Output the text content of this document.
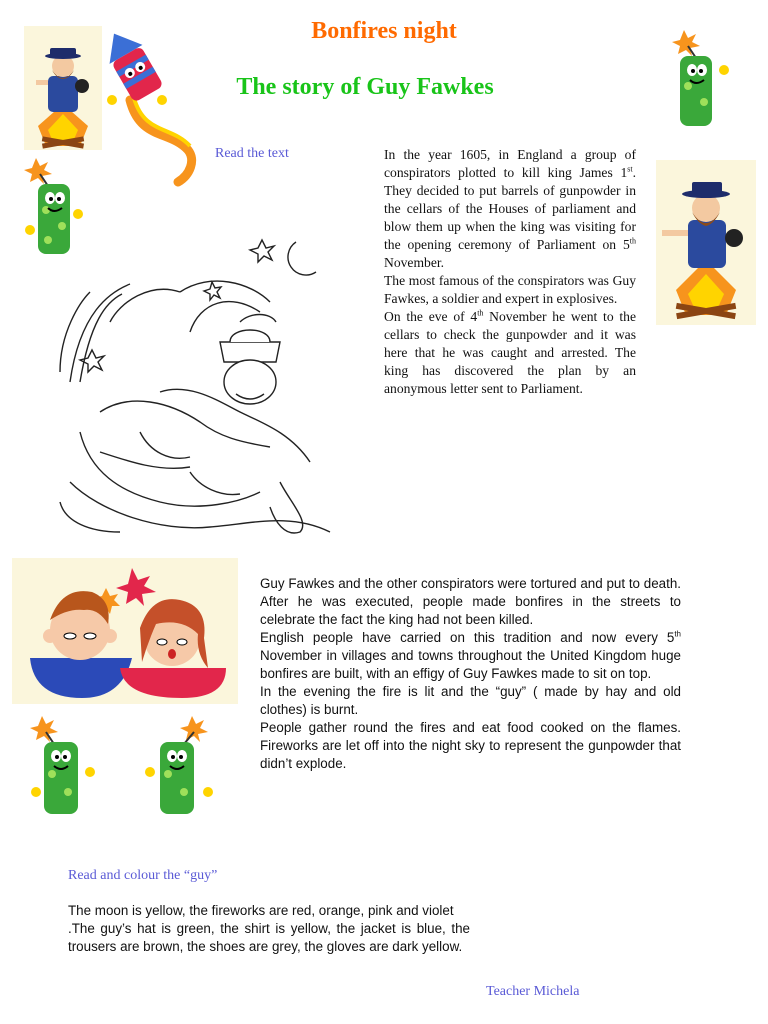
Bonfires night
The story of Guy Fawkes
Read the text	In the year 1605, in England a group of conspirators plotted to kill king James 1st. They decided to put barrels of gunpowder in the cellars of the Houses of parliament and blow them up when the king was visiting for the opening ceremony of Parliament on 5th November.

The most famous of the conspirators was Guy Fawkes, a soldier and expert in explosives.

On the eve of 4th November he went to the cellars to check the gunpowder and it was here that he was caught and arrested. The king has discovered the plan by an anonymous letter sent to Parliament.

Guy Fawkes and the other conspirators were tortured and put to death. After he was executed, people made bonfires in the streets to celebrate the fact the king had not been killed.

English people have carried on this tradition and now every 5th November in villages and towns throughout the United Kingdom huge bonfires are built, with an effigy of Guy Fawkes made to sit on top.

In the evening the fire is lit and the “guy” ( made by hay and old clothes) is burnt.

People gather round the fires and eat food cooked on the flames. Fireworks are let off into the night sky to represent the gunpowder that didn’t explode.

Read and colour the “guy”
The moon is yellow, the fireworks are red, orange, pink and violet
.The guy’s hat is green, the shirt is yellow, the jacket is blue, the trousers are brown, the shoes are grey, the gloves are dark yellow.
Teacher Michela
